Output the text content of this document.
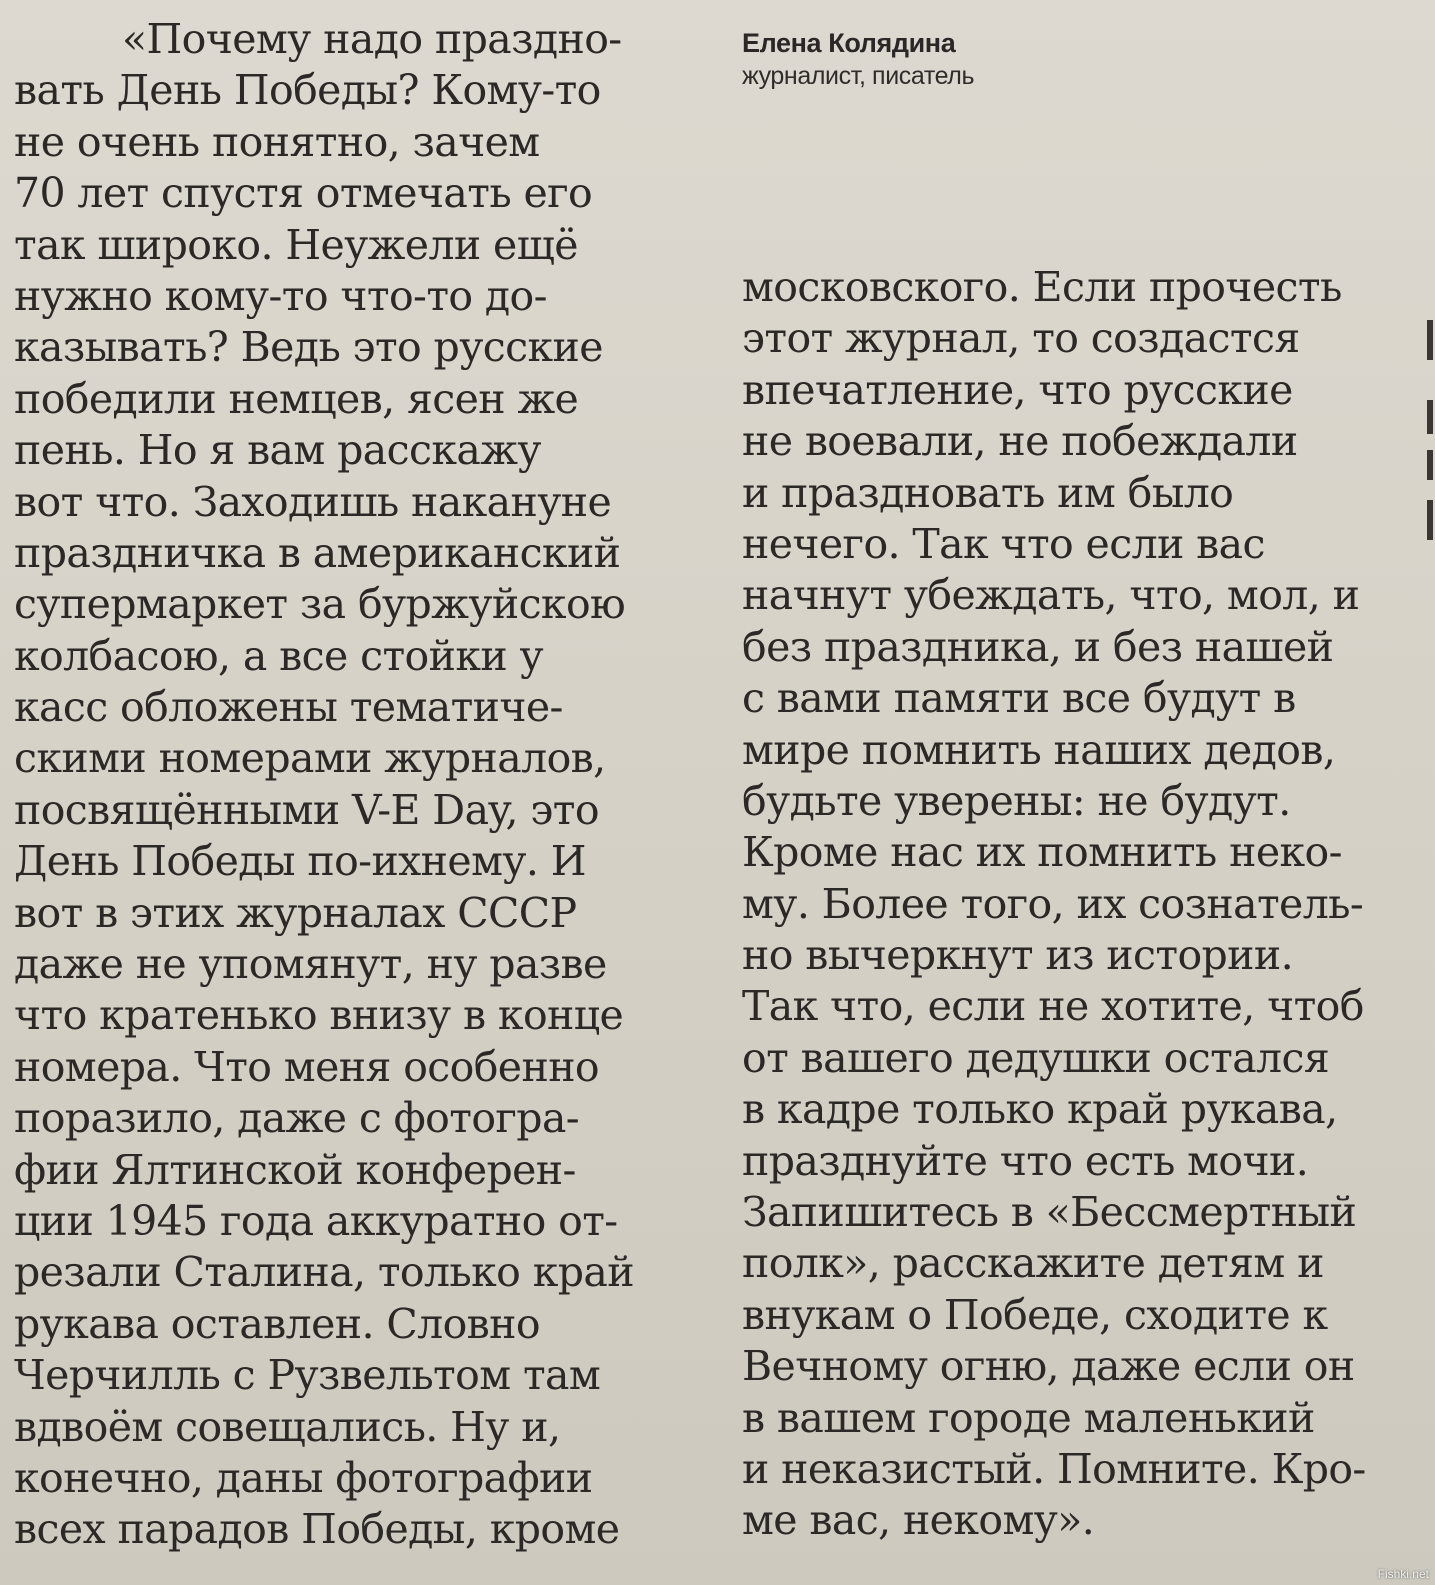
Елена Колядина
журналист, писатель
«Почему надо праздно-
вать День Победы? Кому-то
не очень понятно, зачем
70 лет спустя отмечать его
так широко. Неужели ещё
нужно кому-то что-то до-
казывать? Ведь это русские
победили немцев, ясен же
пень. Но я вам расскажу
вот что. Заходишь накануне
праздничка в американский
супермаркет за буржуйскою
колбасою, а все стойки у
касс обложены тематиче-
скими номерами журналов,
посвящёнными V-E Day, это
День Победы по-ихнему. И
вот в этих журналах СССР
даже не упомянут, ну разве
что кратенько внизу в конце
номера. Что меня особенно
поразило, даже с фотогра-
фии Ялтинской конферен-
ции 1945 года аккуратно от-
резали Сталина, только край
рукава оставлен. Словно
Черчилль с Рузвельтом там
вдвоём совещались. Ну и,
конечно, даны фотографии
всех парадов Победы, кроме
московского. Если прочесть
этот журнал, то создастся
впечатление, что русские
не воевали, не побеждали
и праздновать им было
нечего. Так что если вас
начнут убеждать, что, мол, и
без праздника, и без нашей
с вами памяти все будут в
мире помнить наших дедов,
будьте уверены: не будут.
Кроме нас их помнить неко-
му. Более того, их сознатель-
но вычеркнут из истории.
Так что, если не хотите, чтоб
от вашего дедушки остался
в кадре только край рукава,
празднуйте что есть мочи.
Запишитесь в «Бессмертный
полк», расскажите детям и
внукам о Победе, сходите к
Вечному огню, даже если он
в вашем городе маленький
и неказистый. Помните. Кро-
ме вас, некому».
Fishki.net
